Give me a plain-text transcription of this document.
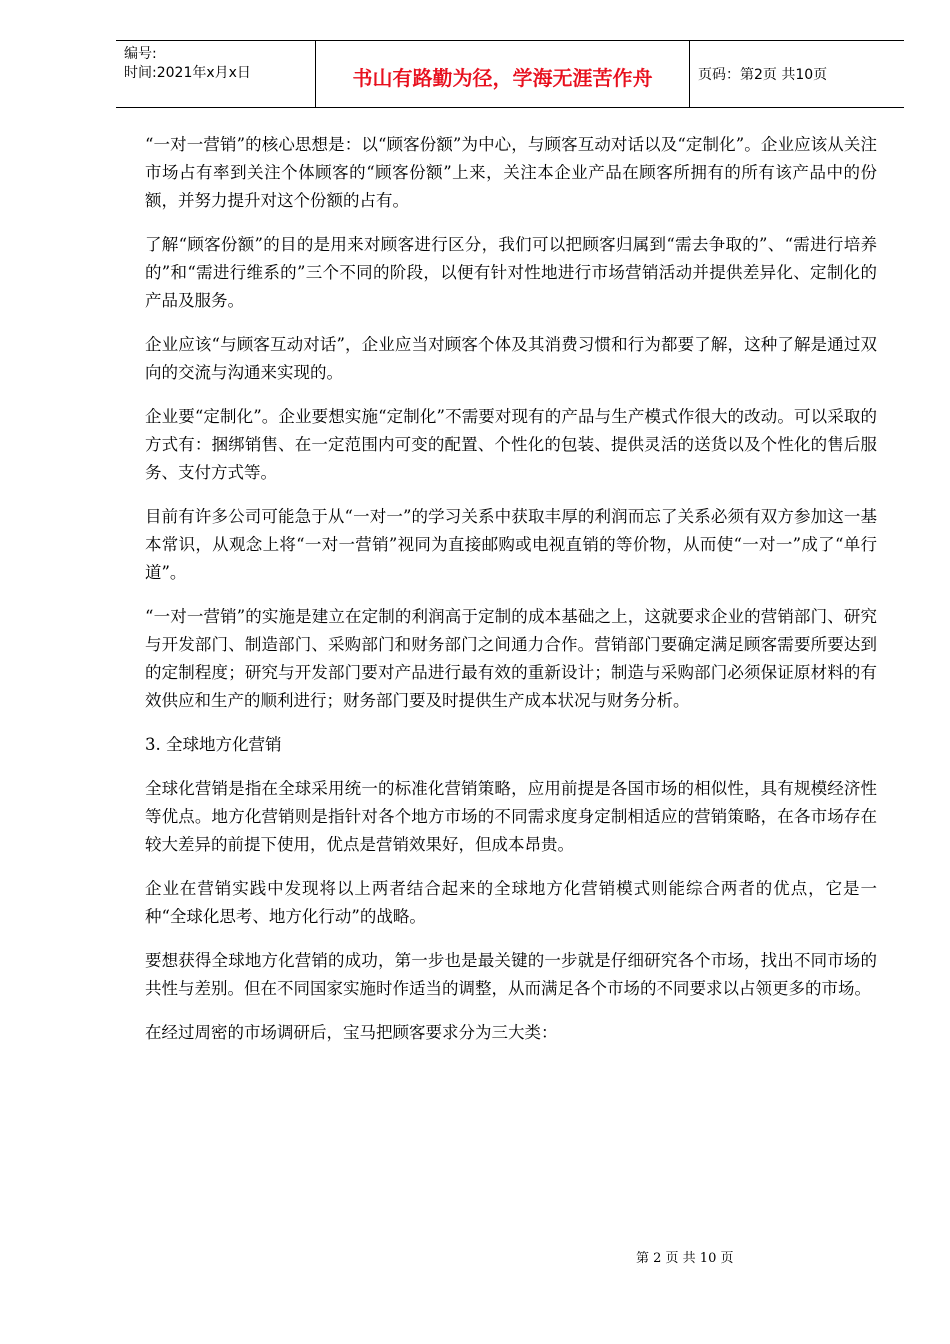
编号:
时间:2021年x月x日	书山有路勤为径，学海无涯苦作舟	页码：第2页 共10页

“一对一营销”的核心思想是：以“顾客份额”为中心，与顾客互动对话以及“定制化”。企业应该从关注市场占有率到关注个体顾客的“顾客份额”上来，关注本企业产品在顾客所拥有的所有该产品中的份额，并努力提升对这个份额的占有。

了解“顾客份额”的目的是用来对顾客进行区分，我们可以把顾客归属到“需去争取的”、“需进行培养的”和“需进行维系的”三个不同的阶段，以便有针对性地进行市场营销活动并提供差异化、定制化的产品及服务。

企业应该“与顾客互动对话”，企业应当对顾客个体及其消费习惯和行为都要了解，这种了解是通过双向的交流与沟通来实现的。

企业要“定制化”。企业要想实施“定制化”不需要对现有的产品与生产模式作很大的改动。可以采取的方式有：捆绑销售、在一定范围内可变的配置、个性化的包装、提供灵活的送货以及个性化的售后服务、支付方式等。

目前有许多公司可能急于从“一对一”的学习关系中获取丰厚的利润而忘了关系必须有双方参加这一基本常识，从观念上将“一对一营销”视同为直接邮购或电视直销的等价物，从而使“一对一”成了“单行道”。

“一对一营销”的实施是建立在定制的利润高于定制的成本基础之上，这就要求企业的营销部门、研究与开发部门、制造部门、采购部门和财务部门之间通力合作。营销部门要确定满足顾客需要所要达到的定制程度；研究与开发部门要对产品进行最有效的重新设计；制造与采购部门必须保证原材料的有效供应和生产的顺利进行；财务部门要及时提供生产成本状况与财务分析。

3. 全球地方化营销

全球化营销是指在全球采用统一的标准化营销策略，应用前提是各国市场的相似性，具有规模经济性等优点。地方化营销则是指针对各个地方市场的不同需求度身定制相适应的营销策略，在各市场存在较大差异的前提下使用，优点是营销效果好，但成本昂贵。

企业在营销实践中发现将以上两者结合起来的全球地方化营销模式则能综合两者的优点，它是一种“全球化思考、地方化行动”的战略。

要想获得全球地方化营销的成功，第一步也是最关键的一步就是仔细研究各个市场，找出不同市场的共性与差别。但在不同国家实施时作适当的调整，从而满足各个市场的不同要求以占领更多的市场。

在经过周密的市场调研后，宝马把顾客要求分为三大类：

第 2 页 共 10 页
